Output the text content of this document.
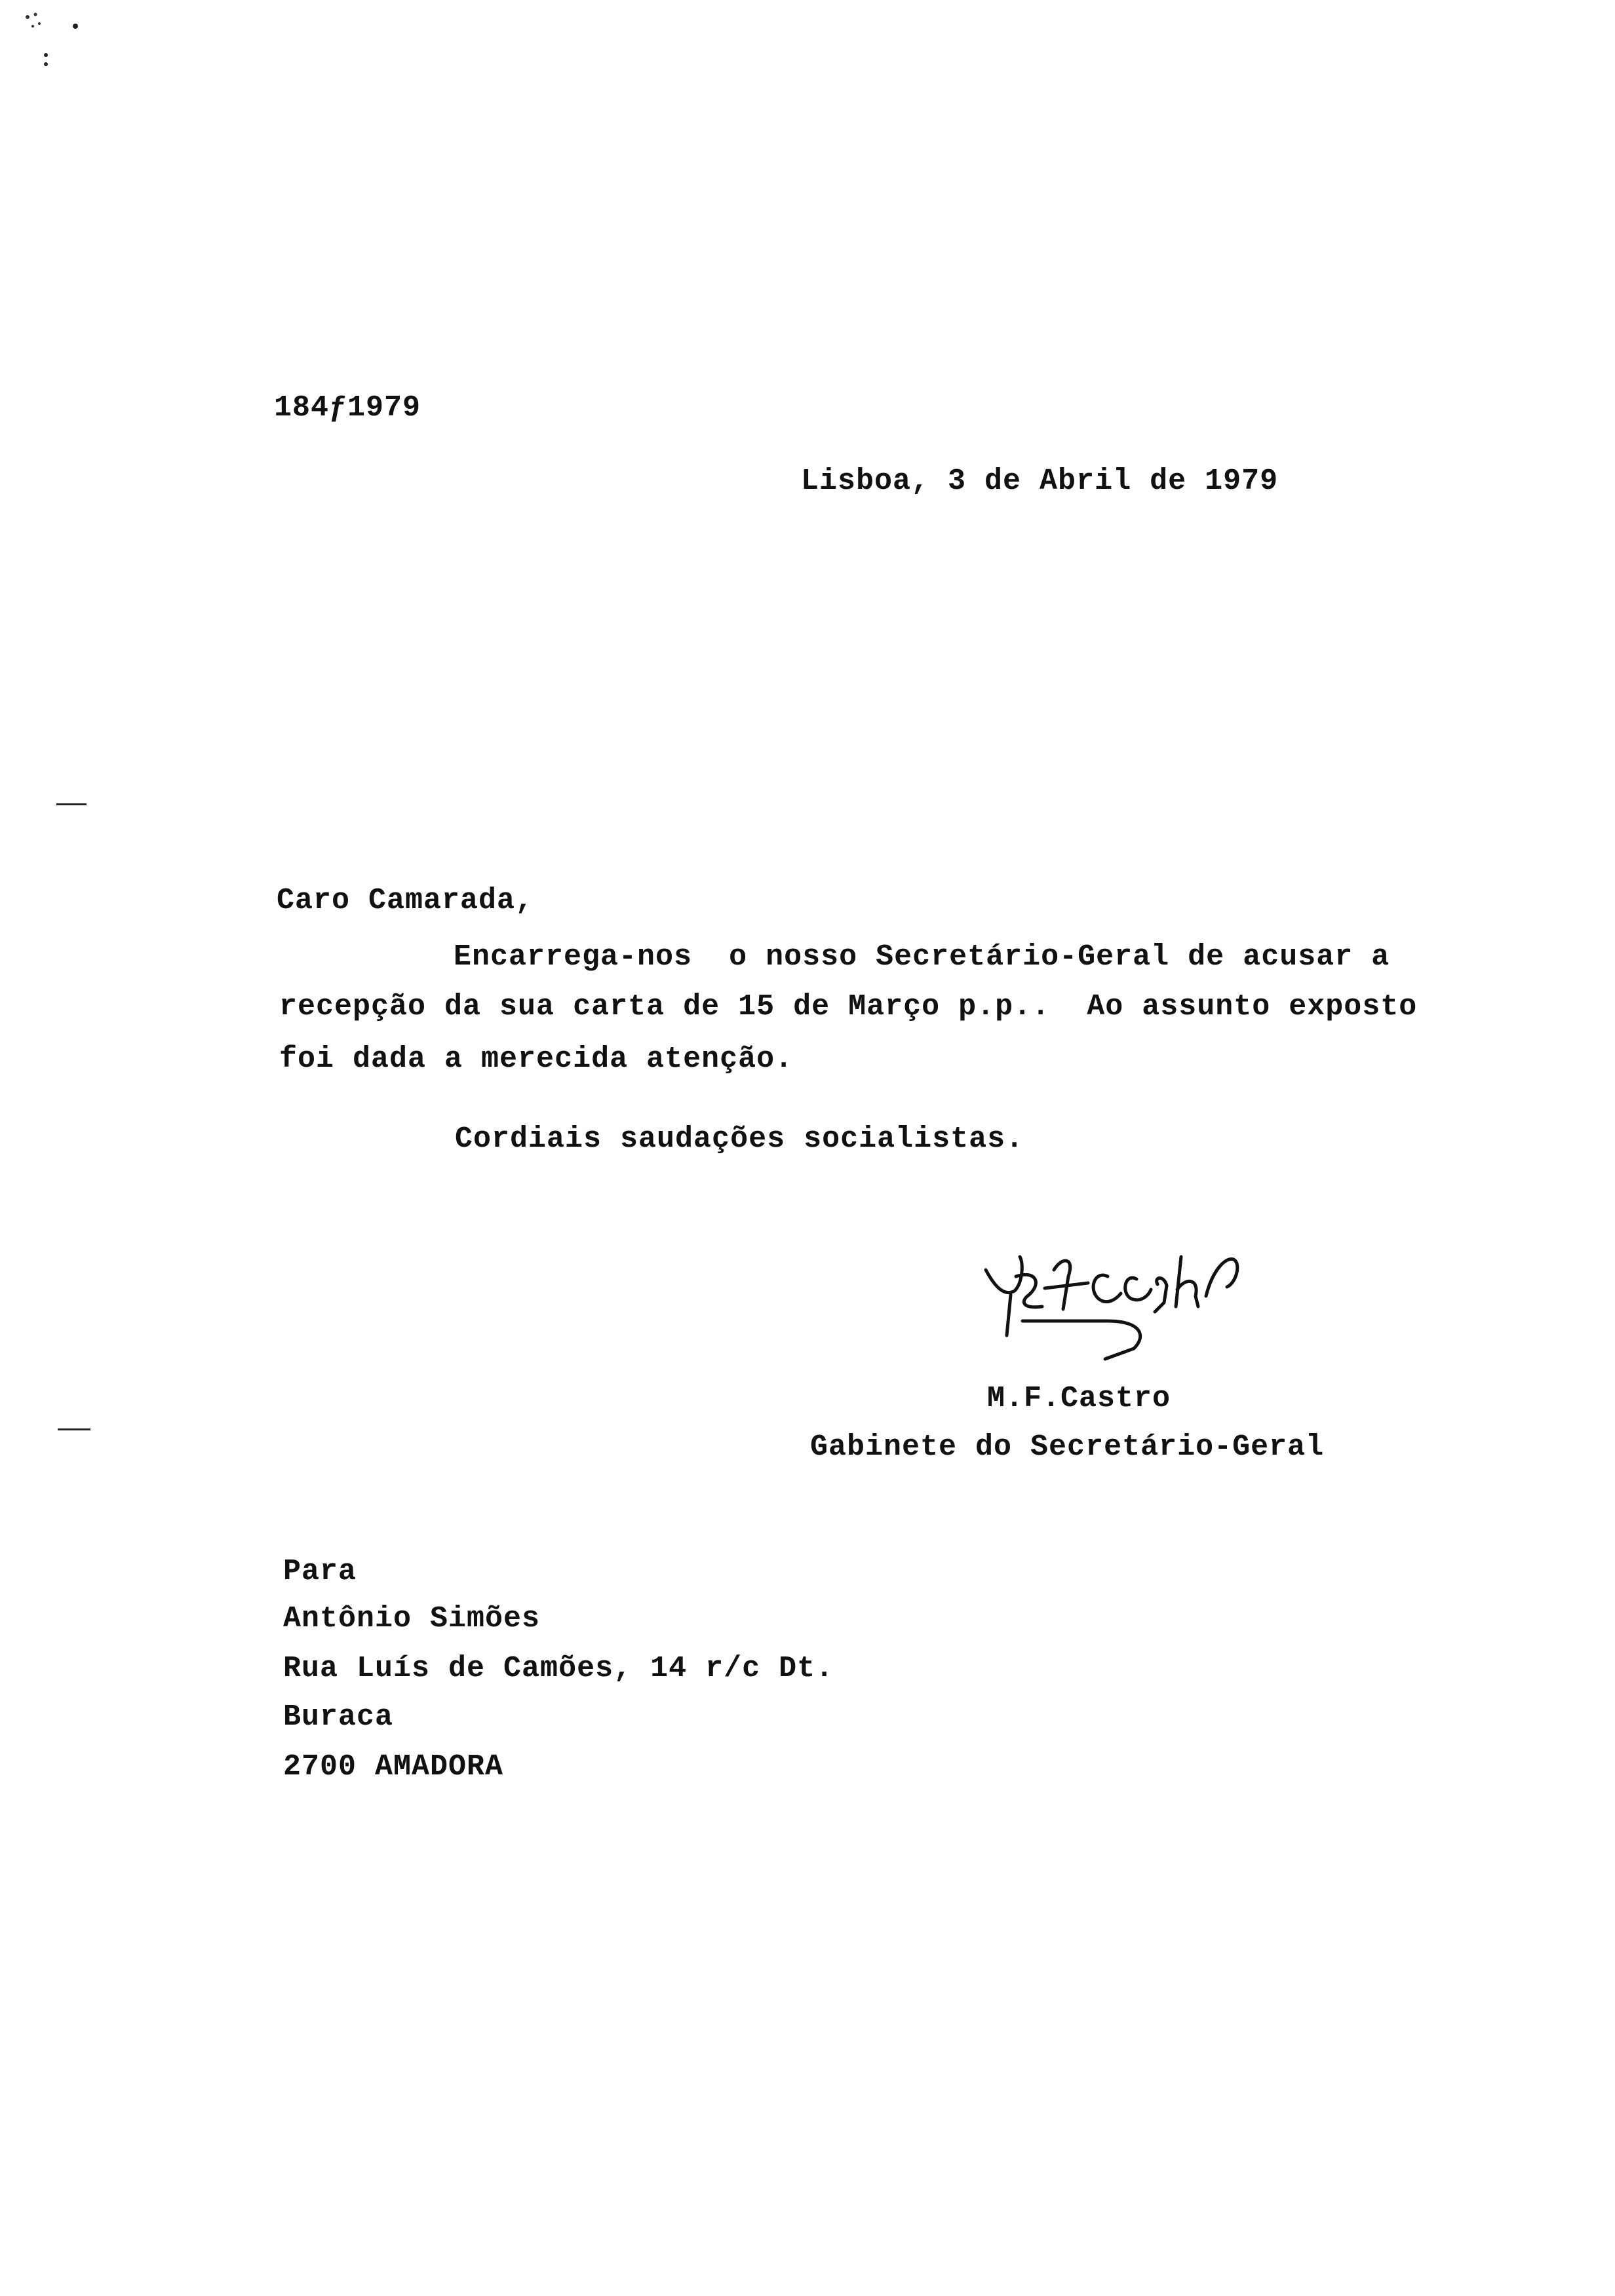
184ƒ1979
Lisboa, 3 de Abril de 1979
Caro Camarada,
Encarrega-nos  o nosso Secretário-Geral de acusar a
recepção da sua carta de 15 de Março p.p..  Ao assunto exposto
foi dada a merecida atenção.
Cordiais saudações socialistas.
M.F.Castro
Gabinete do Secretário-Geral
Para
Antônio Simões
Rua Luís de Camões, 14 r/c Dt.
Buraca
2700 AMADORA
